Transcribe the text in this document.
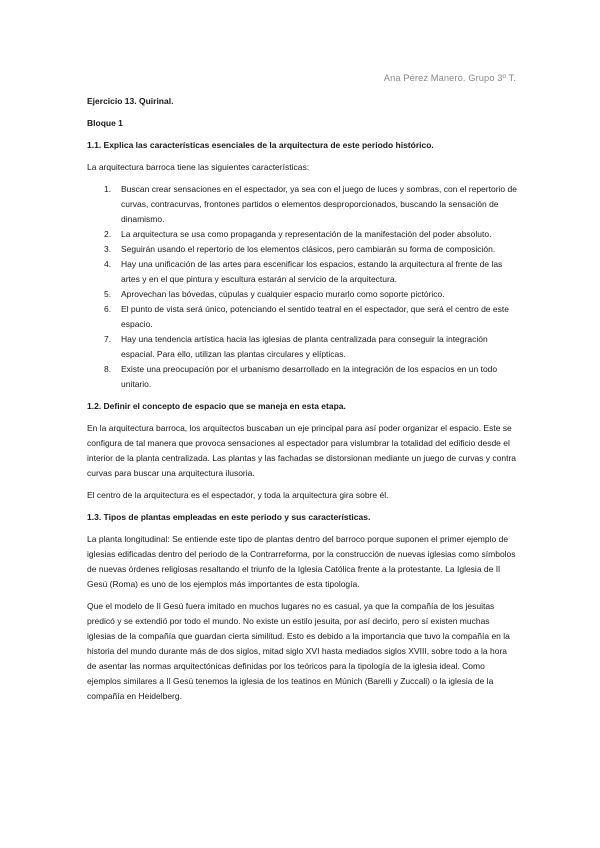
Ana Pérez Manero. Grupo 3º T.

Ejercicio 13. Quirinal.

Bloque 1

1.1. Explica las características esenciales de la arquitectura de este periodo histórico.

La arquitectura barroca tiene las siguientes características:

1. Buscan crear sensaciones en el espectador, ya sea con el juego de luces y sombras, con el repertorio de curvas, contracurvas, frontones partidos o elementos desproporcionados, buscando la sensación de dinamismo.
2. La arquitectura se usa como propaganda y representación de la manifestación del poder absoluto.
3. Seguirán usando el repertorio de los elementos clásicos, pero cambiarán su forma de composición.
4. Hay una unificación de las artes para escenificar los espacios, estando la arquitectura al frente de las artes y en el que pintura y escultura estarán al servicio de la arquitectura.
5. Aprovechan las bóvedas, cúpulas y cualquier espacio murarlo como soporte pictórico.
6. El punto de vista será único, potenciando el sentido teatral en el espectador, que será el centro de este espacio.
7. Hay una tendencia artística hacia las iglesias de planta centralizada para conseguir la integración espacial. Para ello, utilizan las plantas circulares y elípticas.
8. Existe una preocupación por el urbanismo desarrollado en la integración de los espacios en un todo unitario.

1.2. Definir el concepto de espacio que se maneja en esta etapa.

En la arquitectura barroca, los arquitectos buscaban un eje principal para así poder organizar el espacio. Este se configura de tal manera que provoca sensaciones al espectador para vislumbrar la totalidad del edificio desde el interior de la planta centralizada. Las plantas y las fachadas se distorsionan mediante un juego de curvas y contra curvas para buscar una arquitectura ilusoria.

El centro de la arquitectura es el espectador, y toda la arquitectura gira sobre él.

1.3. Tipos de plantas empleadas en este periodo y sus características.

La planta longitudinal: Se entiende este tipo de plantas dentro del barroco porque suponen el primer ejemplo de iglesias edificadas dentro del periodo de la Contrarreforma, por la construcción de nuevas iglesias como símbolos de nuevas órdenes religiosas resaltando el triunfo de la Iglesia Católica frente a la protestante. La Iglesia de Il Gesú (Roma) es uno de los ejemplos más importantes de esta tipología.

Que el modelo de Il Gesú fuera imitado en muchos lugares no es casual, ya que la compañía de los jesuitas predicó y se extendió por todo el mundo. No existe un estilo jesuita, por así decirlo, pero sí existen muchas iglesias de la compañía que guardan cierta similitud. Esto es debido a la importancia que tuvo la compañía en la historia del mundo durante más de dos siglos, mitad siglo XVI hasta mediados siglos XVIII, sobre todo a la hora de asentar las normas arquitectónicas definidas por los teóricos para la tipología de la iglesia ideal. Como ejemplos similares a Il Gesú tenemos la iglesia de los teatinos en Múnich (Barelli y Zuccali) o la iglesia de la compañía en Heidelberg.
